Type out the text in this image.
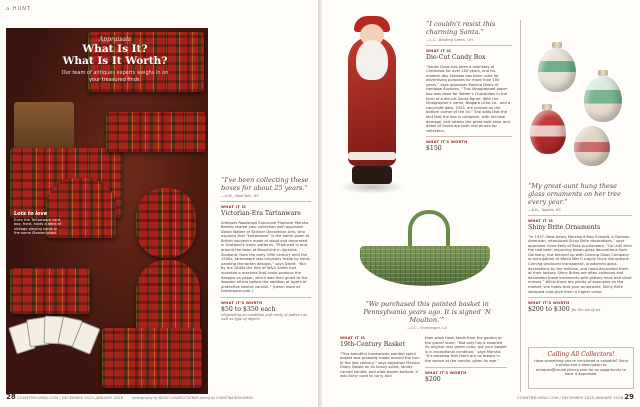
⌂ HUNT
Appraisals
What Is It?
What Is It Worth?
Our team of antiques experts weighs in on your treasured finds.
Lots to love
Even the Tartanware card box, front, holds a deck of vintage playing cards in the same Stewart plaid.
“I've been collecting these boxes for about 25 years.”
—G.M., New York, NY
WHAT IT IS
Victorian-Era Tartanware
Antiques Roadshow Executive Producer Marsha Bemko shared your collection with appraiser David Walker of Skinner Decorative Arts, who explains that “tartanware” is the name given to British souvenirs made of wood and decorated in Scotland's iconic patterns. “Produced in and around the town of Mauchline in Ayrshire, Scotland, from the early 19th century until the 1930s, tartanware was originally made by hand-painting the tartan designs,” says David. “But by the 1840s the firm of W&A Smith had invented a machine that could produce the designs on paper, which was then glued to the wooden article before the addition of layers of protective shellac varnish.” (Learn more at tartanware.com.)
WHAT IT'S WORTH
$50 to $350 each
(depending on condition and rarity of pattern as well as type of object)
28 COUNTRYLIVING.COM / DECEMBER 2025-JANUARY 2026	photography by BECKY LUIGART-STAYNER styling by CHRISTINA BROCKMAN
“I couldn't resist this charming Santa.”
—L.C., Bowling Green, OH
WHAT IT IS
Die-Cut Candy Box
“Santa Claus has been a mainstay of Christmas for over 200 years, and his modern-day likeness has been used for advertising purposes for more than 100 years,” says appraiser Marsha Dixey of Heritage Auctions. “This lithographed paper box was done for Walter's Chocolates in the form of a die-cut Santa figure. With the lithographer's name, Niagara Litho Co., and a copyright date, 1925, are printed on the bottom corner of the lid.” She adds that the fact that the box is complete, with minimal damage, and retains the great bold color and detail of Santa are both real pluses for collectors.
WHAT IT'S WORTH
$150
“We purchased this painted basket in Pennsylvania years ago. It is signed ‘N Moulton.’”
—C.C., Shreveport, LA
WHAT IT IS
19th-Century Basket
“This beautiful handwoven painted splint basket was probably made around the turn of the last century,” says appraiser Marsha Dixey. Based on its heavy splint, sturdy carved handle, and wide woven bottom, it was likely used to carry and
then wash fresh foods from the garden or the grocer store. “Not only has it retained its original rosy green color, but your basket is in exceptional condition,” says Marsha. “It's amazing that there are no breaks in the weave at the handle, given its age.”
WHAT IT'S WORTH
$200
“My great-aunt hung these glass ornaments on her tree every year.”
—A.N., Topeka, KS
WHAT IT IS
Shiny Brite Ornaments
“In 1937, New Jersey Merchant Max Eckardt, a German American, introduced Shiny Brite decorations,” says appraiser Gene Kelly of Ross Auctioneers. “Up until then the had been importing blown-glass decorations from Germany, but teamed up with Corning Glass Company in anticipation of World War II supply chain disruptions. Corning produced transparent, unadorned glass decorations by the millions, and hand-decorated them at their factory. Shiny Brites are often collected and decorated these ornaments with glittery mica and silver mirrors.” While there are plenty of examples on the market, she notes that your ornaments' Shiny Brite stamped caps give them a higher value.
WHAT IT'S WORTH
$200 to $300 for the set of six
Calling All Collectors!
Have something you're convinced is valuable? Send a photo and a description to antiques@countryliving.com for an opportunity to have it appraised.
COUNTRYLIVING.COM / DECEMBER 2025-JANUARY 2026 29
